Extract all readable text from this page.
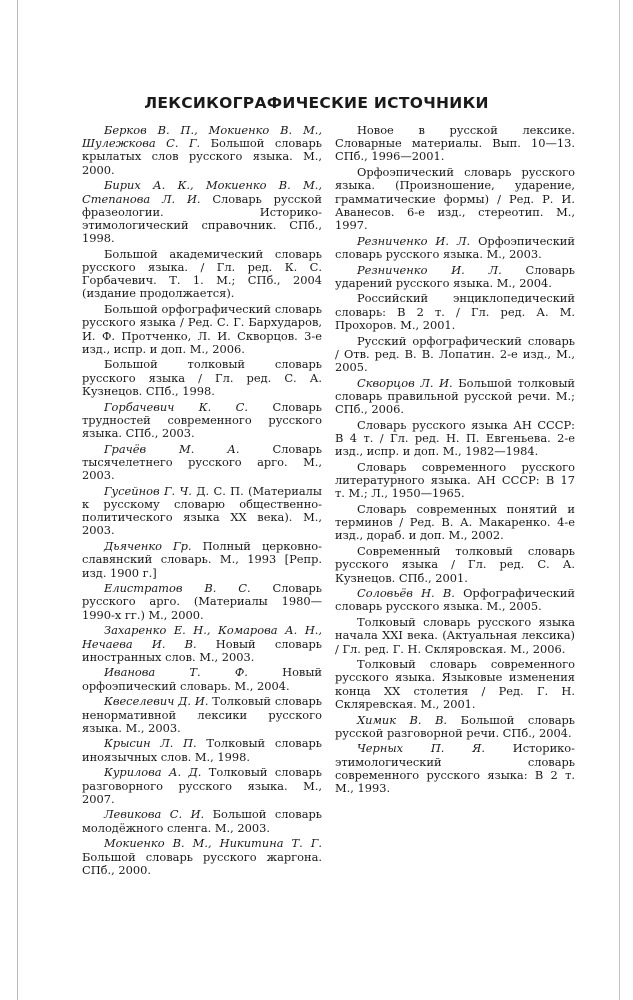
ЛЕКСИКОГРАФИЧЕСКИЕ ИСТОЧНИКИ

Берков В. П., Мокиенко В. М., Шулежкова С. Г. Большой словарь крылатых слов русского языка. М., 2000.

Бирих А. К., Мокиенко В. М., Степанова Л. И. Словарь русской фразеологии. Историко-этимологический справочник. СПб., 1998.

Большой академический словарь русского языка. / Гл. ред. К. С. Горбачевич. Т. 1. М.; СПб., 2004 (издание продолжается).

Большой орфографический словарь русского языка / Ред. С. Г. Бархударов, И. Ф. Протченко, Л. И. Скворцов. 3-е изд., испр. и доп. М., 2006.

Большой толковый словарь русского языка / Гл. ред. С. А. Кузнецов. СПб., 1998.

Горбачевич К. С. Словарь трудностей современного русского языка. СПб., 2003.

Грачёв М. А. Словарь тысячелетнего русского арго. М., 2003.

Гусейнов Г. Ч. Д. С. П. (Материалы к русскому словарю общественно-политического языка XX века). М., 2003.

Дьяченко Гр. Полный церковно-славянский словарь. М., 1993 [Репр. изд. 1900 г.]

Елистратов В. С. Словарь русского арго. (Материалы 1980—1990-х гг.) М., 2000.

Захаренко Е. Н., Комарова А. Н., Нечаева И. В. Новый словарь иностранных слов. М., 2003.

Иванова Т. Ф. Новый орфоэпический словарь. М., 2004.

Квеселевич Д. И. Толковый словарь ненормативной лексики русского языка. М., 2003.

Крысин Л. П. Толковый словарь иноязычных слов. М., 1998.

Курилова А. Д. Толковый словарь разговорного русского языка. М., 2007.

Левикова С. И. Большой словарь молодёжного сленга. М., 2003.

Мокиенко В. М., Никитина Т. Г. Большой словарь русского жаргона. СПб., 2000.

Новое в русской лексике. Словарные материалы. Вып. 10—13. СПб., 1996—2001.

Орфоэпический словарь русского языка. (Произношение, ударение, грамматические формы) / Ред. Р. И. Аванесов. 6-е изд., стереотип. М., 1997.

Резниченко И. Л. Орфоэпический словарь русского языка. М., 2003.

Резниченко И. Л. Словарь ударений русского языка. М., 2004.

Российский энциклопедический словарь: В 2 т. / Гл. ред. А. М. Прохоров. М., 2001.

Русский орфографический словарь / Отв. ред. В. В. Лопатин. 2-е изд., М., 2005.

Скворцов Л. И. Большой толковый словарь правильной русской речи. М.; СПб., 2006.

Словарь русского языка АН СССР: В 4 т. / Гл. ред. Н. П. Евгеньева. 2-е изд., испр. и доп. М., 1982—1984.

Словарь современного русского литературного языка. АН СССР: В 17 т. М.; Л., 1950—1965.

Словарь современных понятий и терминов / Ред. В. А. Макаренко. 4-е изд., дораб. и доп. М., 2002.

Современный толковый словарь русского языка / Гл. ред. С. А. Кузнецов. СПб., 2001.

Соловьёв Н. В. Орфографический словарь русского языка. М., 2005.

Толковый словарь русского языка начала XXI века. (Актуальная лексика) / Гл. ред. Г. Н. Скляровская. М., 2006.

Толковый словарь современного русского языка. Языковые изменения конца XX столетия / Ред. Г. Н. Скляревская. М., 2001.

Химик В. В. Большой словарь русской разговорной речи. СПб., 2004.

Черных П. Я. Историко-этимологический словарь современного русского языка: В 2 т. М., 1993.
